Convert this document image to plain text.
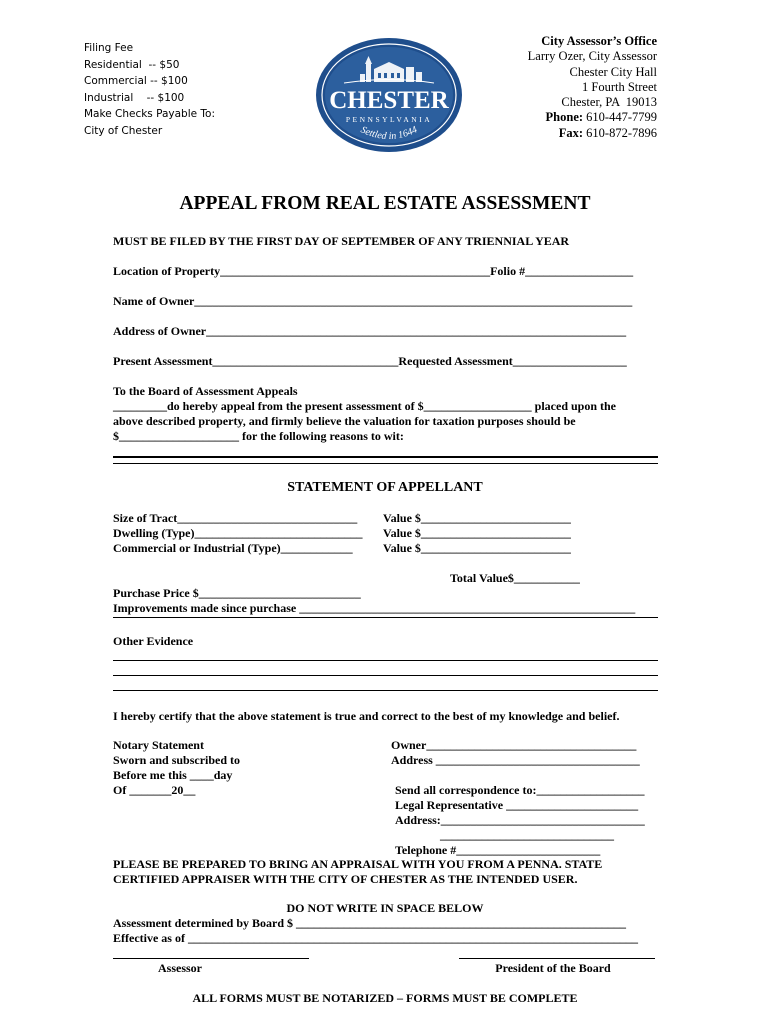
Filing Fee
Residential  -- $50
Commercial -- $100
Industrial    -- $100
Make Checks Payable To:
City of Chester
CHESTER
PENNSYLVANIA
Settled in 1644
City Assessor’s Office
Larry Ozer, City Assessor
Chester City Hall
1 Fourth Street
Chester, PA  19013
Phone: 610-447-7799
Fax: 610-872-7896
APPEAL FROM REAL ESTATE ASSESSMENT
MUST BE FILED BY THE FIRST DAY OF SEPTEMBER OF ANY TRIENNIAL YEAR
Location of Property_____________________________________________Folio #__________________
Name of Owner_________________________________________________________________________
Address of Owner______________________________________________________________________
Present Assessment_______________________________Requested Assessment___________________
To the Board of Assessment Appeals
_________do hereby appeal from the present assessment of $__________________ placed upon the
above described property, and firmly believe the valuation for taxation purposes should be
$____________________ for the following reasons to wit:
STATEMENT OF APPELLANT
Size of Tract______________________________
Dwelling (Type)____________________________
Commercial or Industrial (Type)____________
Value $_________________________
Value $_________________________
Value $_________________________
Total Value$___________
Purchase Price $___________________________
Improvements made since purchase ________________________________________________________
Other Evidence
I hereby certify that the above statement is true and correct to the best of my knowledge and belief.
Notary Statement
Sworn and subscribed to
Before me this ____day
Of _______20__
Owner___________________________________
Address __________________________________
Send all correspondence to:__________________
Legal Representative ______________________
Address:__________________________________
_____________________________
Telephone #________________________
PLEASE BE PREPARED TO BRING AN APPRAISAL WITH YOU FROM A PENNA. STATE
CERTIFIED APPRAISER WITH THE CITY OF CHESTER AS THE INTENDED USER.
DO NOT WRITE IN SPACE BELOW
Assessment determined by Board $ _______________________________________________________
Effective as of ___________________________________________________________________________
Assessor	President of the Board
ALL FORMS MUST BE NOTARIZED – FORMS MUST BE COMPLETE
